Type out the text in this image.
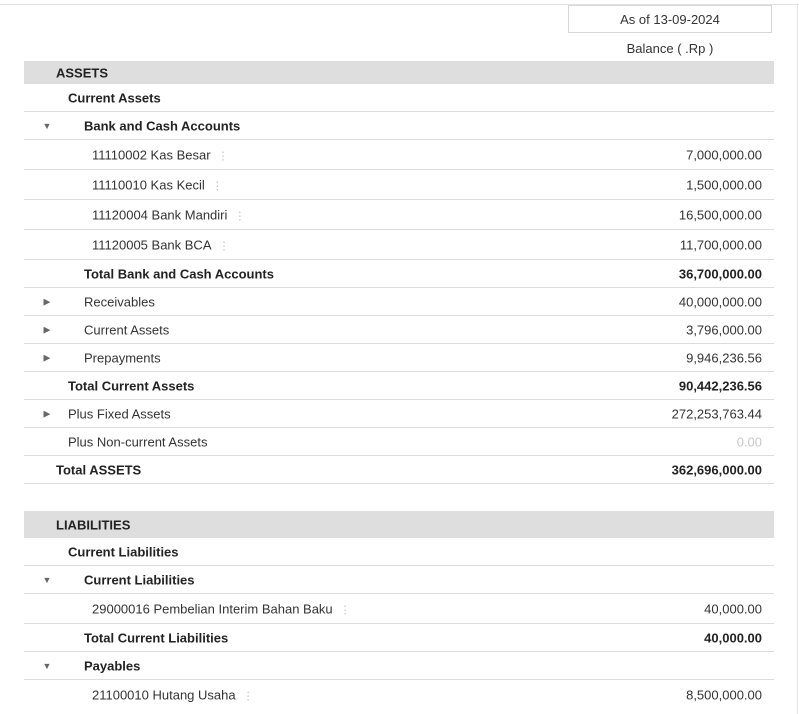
As of 13-09-2024
Balance ( .Rp )
ASSETS
Current Assets
▼	Bank and Cash Accounts
11110002 Kas Besar ⋮	7,000,000.00
11110010 Kas Kecil ⋮	1,500,000.00
11120004 Bank Mandiri ⋮	16,500,000.00
11120005 Bank BCA ⋮	11,700,000.00
Total Bank and Cash Accounts	36,700,000.00
▶	Receivables	40,000,000.00
▶	Current Assets	3,796,000.00
▶	Prepayments	9,946,236.56
Total Current Assets	90,442,236.56
▶ Plus Fixed Assets	272,253,763.44
Plus Non-current Assets	0.00
Total ASSETS	362,696,000.00
LIABILITIES
Current Liabilities
▼	Current Liabilities
29000016 Pembelian Interim Bahan Baku ⋮	40,000.00
Total Current Liabilities	40,000.00
▼	Payables
21100010 Hutang Usaha ⋮	8,500,000.00
